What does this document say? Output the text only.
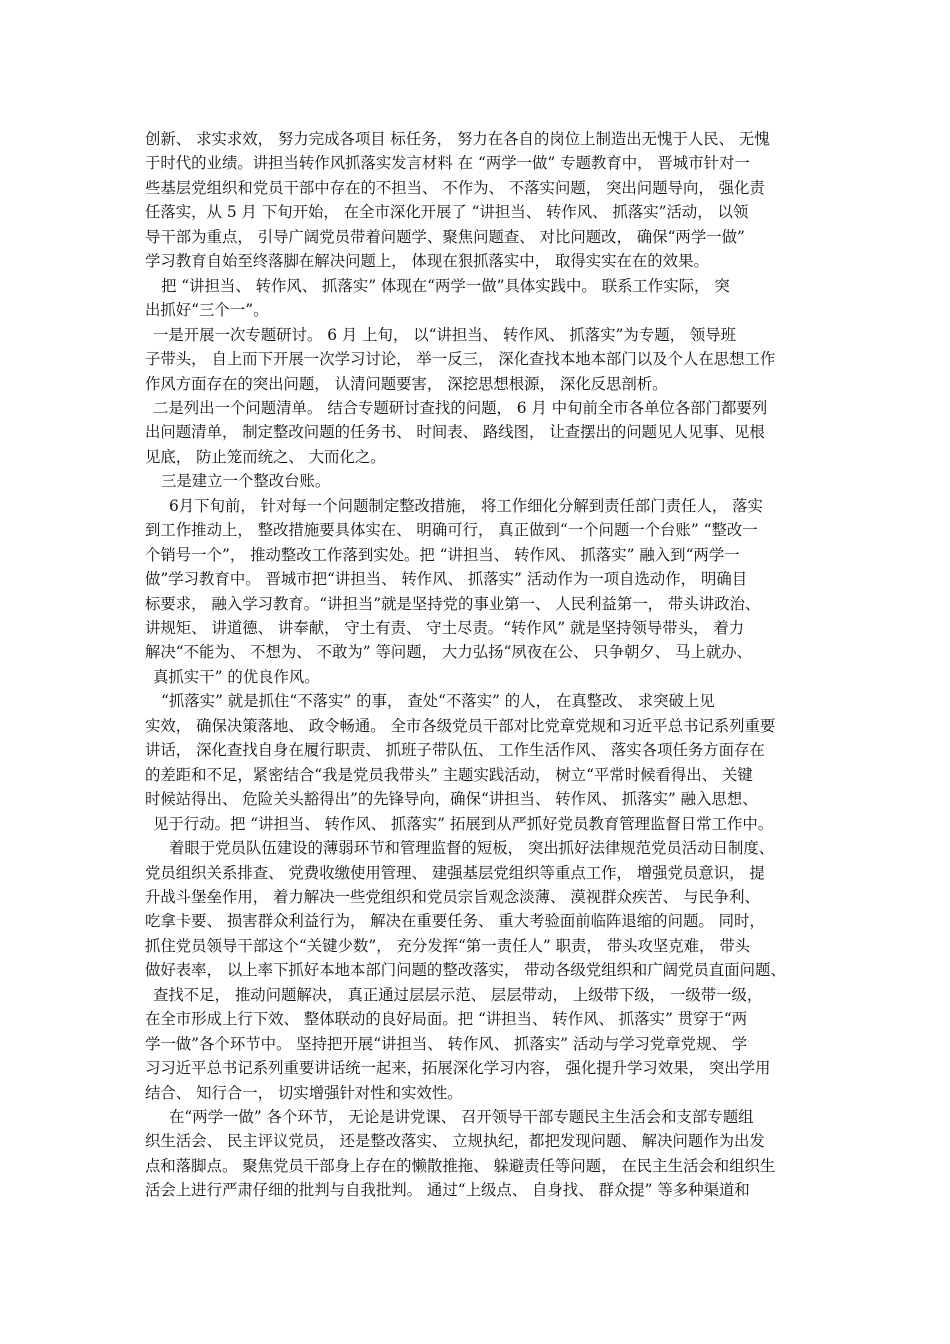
创新、 求实求效， 努力完成各项目 标任务， 努力在各自的岗位上制造出无愧于人民、 无愧
于时代的业绩。讲担当转作风抓落实发言材料 在 “两学一做” 专题教育中， 晋城市针对一
些基层党组织和党员干部中存在的不担当、 不作为、 不落实问题， 突出问题导向， 强化责
任落实，从 5 月 下旬开始， 在全市深化开展了 “讲担当、 转作风、 抓落实”活动， 以领
导干部为重点， 引导广阔党员带着问题学、聚焦问题查、 对比问题改， 确保“两学一做”
学习教育自始至终落脚在解决问题上， 体现在狠抓落实中， 取得实实在在的效果。
把 “讲担当、 转作风、 抓落实” 体现在“两学一做”具体实践中。 联系工作实际， 突
出抓好“三个一”。
一是开展一次专题研讨。 6 月 上旬， 以“讲担当、 转作风、 抓落实”为专题， 领导班
子带头， 自上而下开展一次学习讨论， 举一反三， 深化查找本地本部门以及个人在思想工作
作风方面存在的突出问题， 认清问题要害， 深挖思想根源， 深化反思剖析。
二是列出一个问题清单。 结合专题研讨查找的问题， 6 月 中旬前全市各单位各部门都要列
出问题清单， 制定整改问题的任务书、 时间表、 路线图， 让查摆出的问题见人见事、见根
见底， 防止笼而统之、 大而化之。
三是建立一个整改台账。
6月下旬前， 针对每一个问题制定整改措施， 将工作细化分解到责任部门责任人， 落实
到工作推动上， 整改措施要具体实在、 明确可行， 真正做到“一个问题一个台账” “整改一
个销号一个”， 推动整改工作落到实处。把 “讲担当、 转作风、 抓落实” 融入到“两学一
做”学习教育中。 晋城市把“讲担当、 转作风、 抓落实” 活动作为一项自选动作， 明确目
标要求， 融入学习教育。“讲担当”就是坚持党的事业第一、 人民利益第一， 带头讲政治、
讲规矩、 讲道德、 讲奉献， 守土有责、 守土尽责。“转作风” 就是坚持领导带头， 着力
解决“不能为、 不想为、 不敢为” 等问题， 大力弘扬“夙夜在公、 只争朝夕、 马上就办、
真抓实干” 的优良作风。
“抓落实” 就是抓住“不落实” 的事， 查处“不落实” 的人， 在真整改、 求突破上见
实效， 确保决策落地、 政令畅通。 全市各级党员干部对比党章党规和习近平总书记系列重要
讲话， 深化查找自身在履行职责、 抓班子带队伍、 工作生活作风、 落实各项任务方面存在
的差距和不足，紧密结合“我是党员我带头” 主题实践活动， 树立“平常时候看得出、 关键
时候站得出、 危险关头豁得出”的先锋导向，确保“讲担当、 转作风、 抓落实” 融入思想、
见于行动。把 “讲担当、 转作风、 抓落实” 拓展到从严抓好党员教育管理监督日常工作中。
着眼于党员队伍建设的薄弱环节和管理监督的短板， 突出抓好法律规范党员活动日制度、
党员组织关系排查、 党费收缴使用管理、 建强基层党组织等重点工作， 增强党员意识， 提
升战斗堡垒作用， 着力解决一些党组织和党员宗旨观念淡薄、 漠视群众疾苦、 与民争利、
吃拿卡要、 损害群众利益行为， 解决在重要任务、 重大考验面前临阵退缩的问题。 同时，
抓住党员领导干部这个“关键少数”， 充分发挥“第一责任人” 职责， 带头攻坚克难， 带头
做好表率， 以上率下抓好本地本部门问题的整改落实， 带动各级党组织和广阔党员直面问题、
查找不足， 推动问题解决， 真正通过层层示范、 层层带动， 上级带下级， 一级带一级，
在全市形成上行下效、 整体联动的良好局面。把 “讲担当、 转作风、 抓落实” 贯穿于“两
学一做”各个环节中。 坚持把开展“讲担当、 转作风、 抓落实” 活动与学习党章党规、 学
习习近平总书记系列重要讲话统一起来，拓展深化学习内容， 强化提升学习效果， 突出学用
结合、 知行合一， 切实增强针对性和实效性。
在“两学一做” 各个环节， 无论是讲党课、 召开领导干部专题民主生活会和支部专题组
织生活会、 民主评议党员， 还是整改落实、 立规执纪，都把发现问题、 解决问题作为出发
点和落脚点。 聚焦党员干部身上存在的懒散推拖、 躲避责任等问题， 在民主生活会和组织生
活会上进行严肃仔细的批判与自我批判。 通过“上级点、 自身找、 群众提” 等多种渠道和
